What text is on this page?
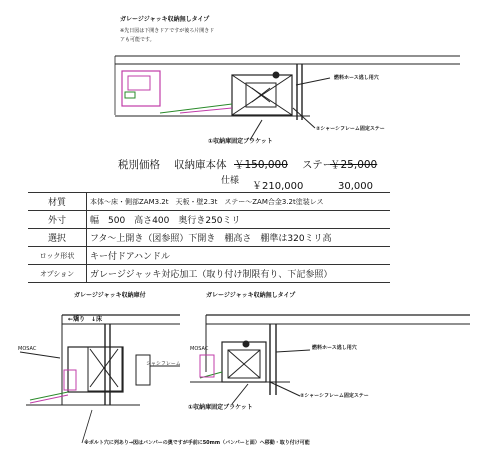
ガレージジャッキ収納無しタイプ
※先日図は下開きドアですが後ろ片開きド
アも可能です。
燃料ホース逃し用穴
②シャーシフレーム固定ステー
①収納庫固定ブラケット
税別価格 収納庫本体 ￥150,000 ステー
￥25,000
仕様 ￥210,000	30,000
材質	本体～床・側部ZAM3.2t　天板・壁2.3t　ステー～ZAM合金3.2t塗装レス
外寸	幅　500　高さ400　奥行き250ミリ
選択	フタ～上開き（図参照）下開き　棚高さ　棚準は320ミリ高
ロック形状	キー付ドアハンドル
オプション	ガレージジャッキ対応加工（取り付け制限有り、下記参照）
ガレージジャッキ収納庫付
←矯り　↓床
MOSAC
シャシフレーム
ガレージジャッキ収納無しタイプ
MOSAC	燃料ホース逃し用穴
②シャーシフレーム固定ステー
①収納庫固定ブラケット
※ボルト穴に列あり→図はバンパーの奥ですが手前に50mm（バンパーと面）へ移動・取り付け可能
